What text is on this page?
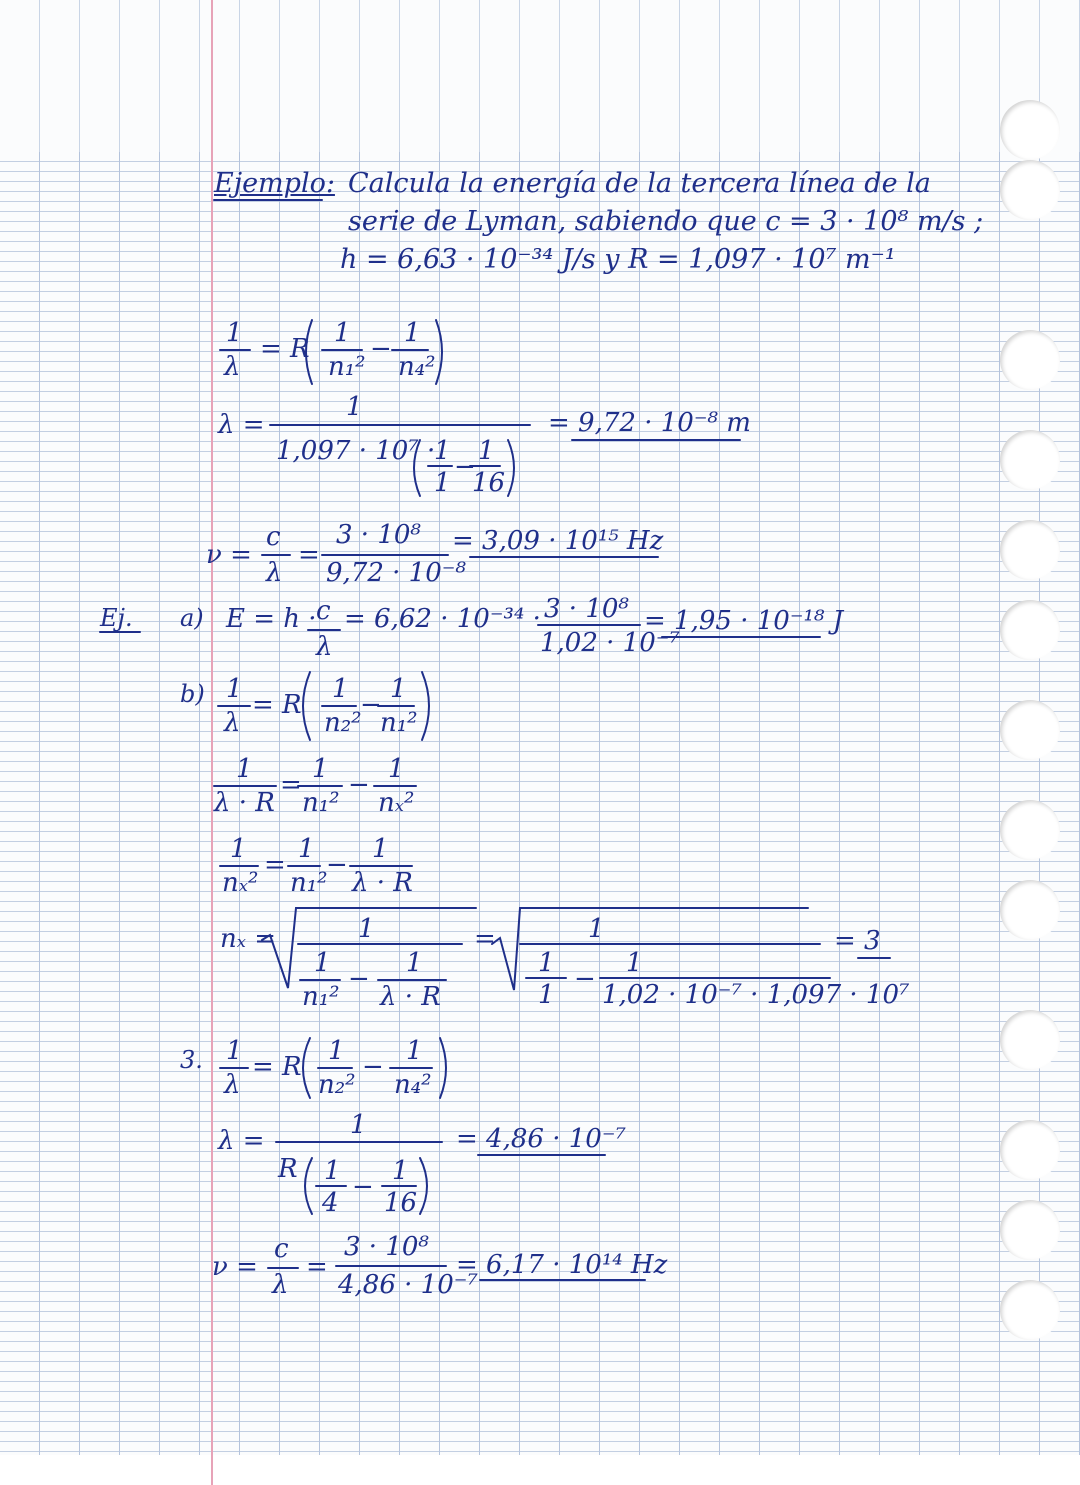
Ejemplo: Calcula la energía de la tercera línea de la
serie de Lyman, sabiendo que c = 3 · 10⁸ m/s ;
h = 6,63 · 10⁻³⁴ J/s y R = 1,097 · 10⁷ m⁻¹
1
λ
= R
1
n₁²
−
1
n₄²
λ =
1
1,097 · 10⁷ ·
1
1
−
1
16
= 9,72 · 10⁻⁸ m
ν =
c
λ
=
3 · 10⁸
9,72 · 10⁻⁸
= 3,09 · 10¹⁵ Hz
Ej. a) E = h · c
λ
= 6,62 · 10⁻³⁴ · 3 · 10⁸
1,02 · 10⁻⁷
= 1,95 · 10⁻¹⁸ J
b) 1
λ
= R
1
n₂²
−
1
n₁²
1
λ · R
=
1
n₁²
−
1
nₓ²
1
nₓ²
=
1
n₁²
−
1
λ · R
nₓ =	1
1
n₁²
−
1
λ · R
=	1
1
1
−
1
1,02 · 10⁻⁷ · 1,097 · 10⁷
= 3
3. 1
λ
= R
1
n₂²
−
1
n₄²
λ =
1
R 1
4
−
1
16
= 4,86 · 10⁻⁷
ν =
c
λ
=
3 · 10⁸
4,86 · 10⁻⁷
= 6,17 · 10¹⁴ Hz
